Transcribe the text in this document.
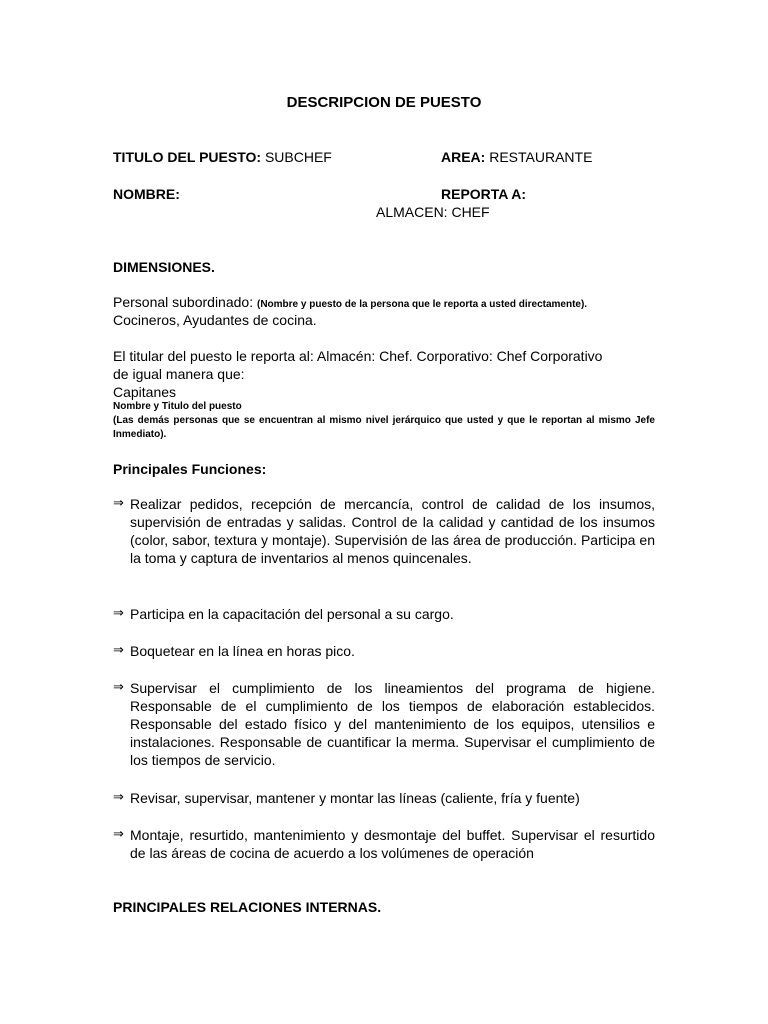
DESCRIPCION DE PUESTO
TITULO DEL PUESTO: SUBCHEF	AREA: RESTAURANTE
NOMBRE:	REPORTA A:
ALMACEN: CHEF
DIMENSIONES.
Personal subordinado: (Nombre y puesto de la persona que le reporta a usted directamente).
Cocineros, Ayudantes de cocina.
El titular del puesto le reporta al: Almacén: Chef. Corporativo: Chef Corporativo
de igual manera que:
Capitanes
Nombre y Titulo del puesto
(Las demás personas que se encuentran al mismo nivel jerárquico que usted y que le reportan al mismo Jefe Inmediato).
Principales Funciones:
⇒ Realizar pedidos, recepción de mercancía, control de calidad de los insumos, supervisión de entradas y salidas. Control de la calidad y cantidad de los insumos (color, sabor, textura y montaje). Supervisión de las área de producción. Participa en la toma y captura de inventarios al menos quincenales.
⇒ Participa en la capacitación del personal a su cargo.
⇒ Boquetear en la línea en horas pico.
⇒ Supervisar el cumplimiento de los lineamientos del programa de higiene. Responsable de el cumplimiento de los tiempos de elaboración establecidos. Responsable del estado físico y del mantenimiento de los equipos, utensilios e instalaciones. Responsable de cuantificar la merma. Supervisar el cumplimiento de los tiempos de servicio.
⇒ Revisar, supervisar, mantener y montar las líneas (caliente, fría y fuente)
⇒ Montaje, resurtido, mantenimiento y desmontaje del buffet. Supervisar el resurtido de las áreas de cocina de acuerdo a los volúmenes de operación
PRINCIPALES RELACIONES INTERNAS.
